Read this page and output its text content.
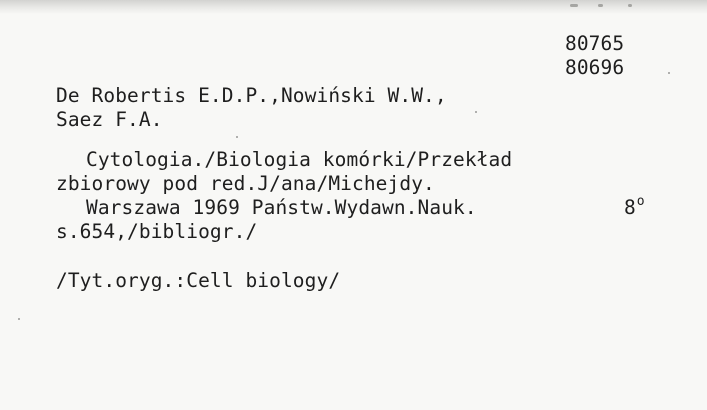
80765
80696
De Robertis E.D.P.,Nowiński W.W.,
Saez F.A.
Cytologia./Biologia komórki/Przekład
zbiorowy pod red.J/ana/Michejdy.
Warszawa 1969 Państw.Wydawn.Nauk.
s.654,/bibliogr./
8$^o$
/Tyt.oryg.:Cell biology/
